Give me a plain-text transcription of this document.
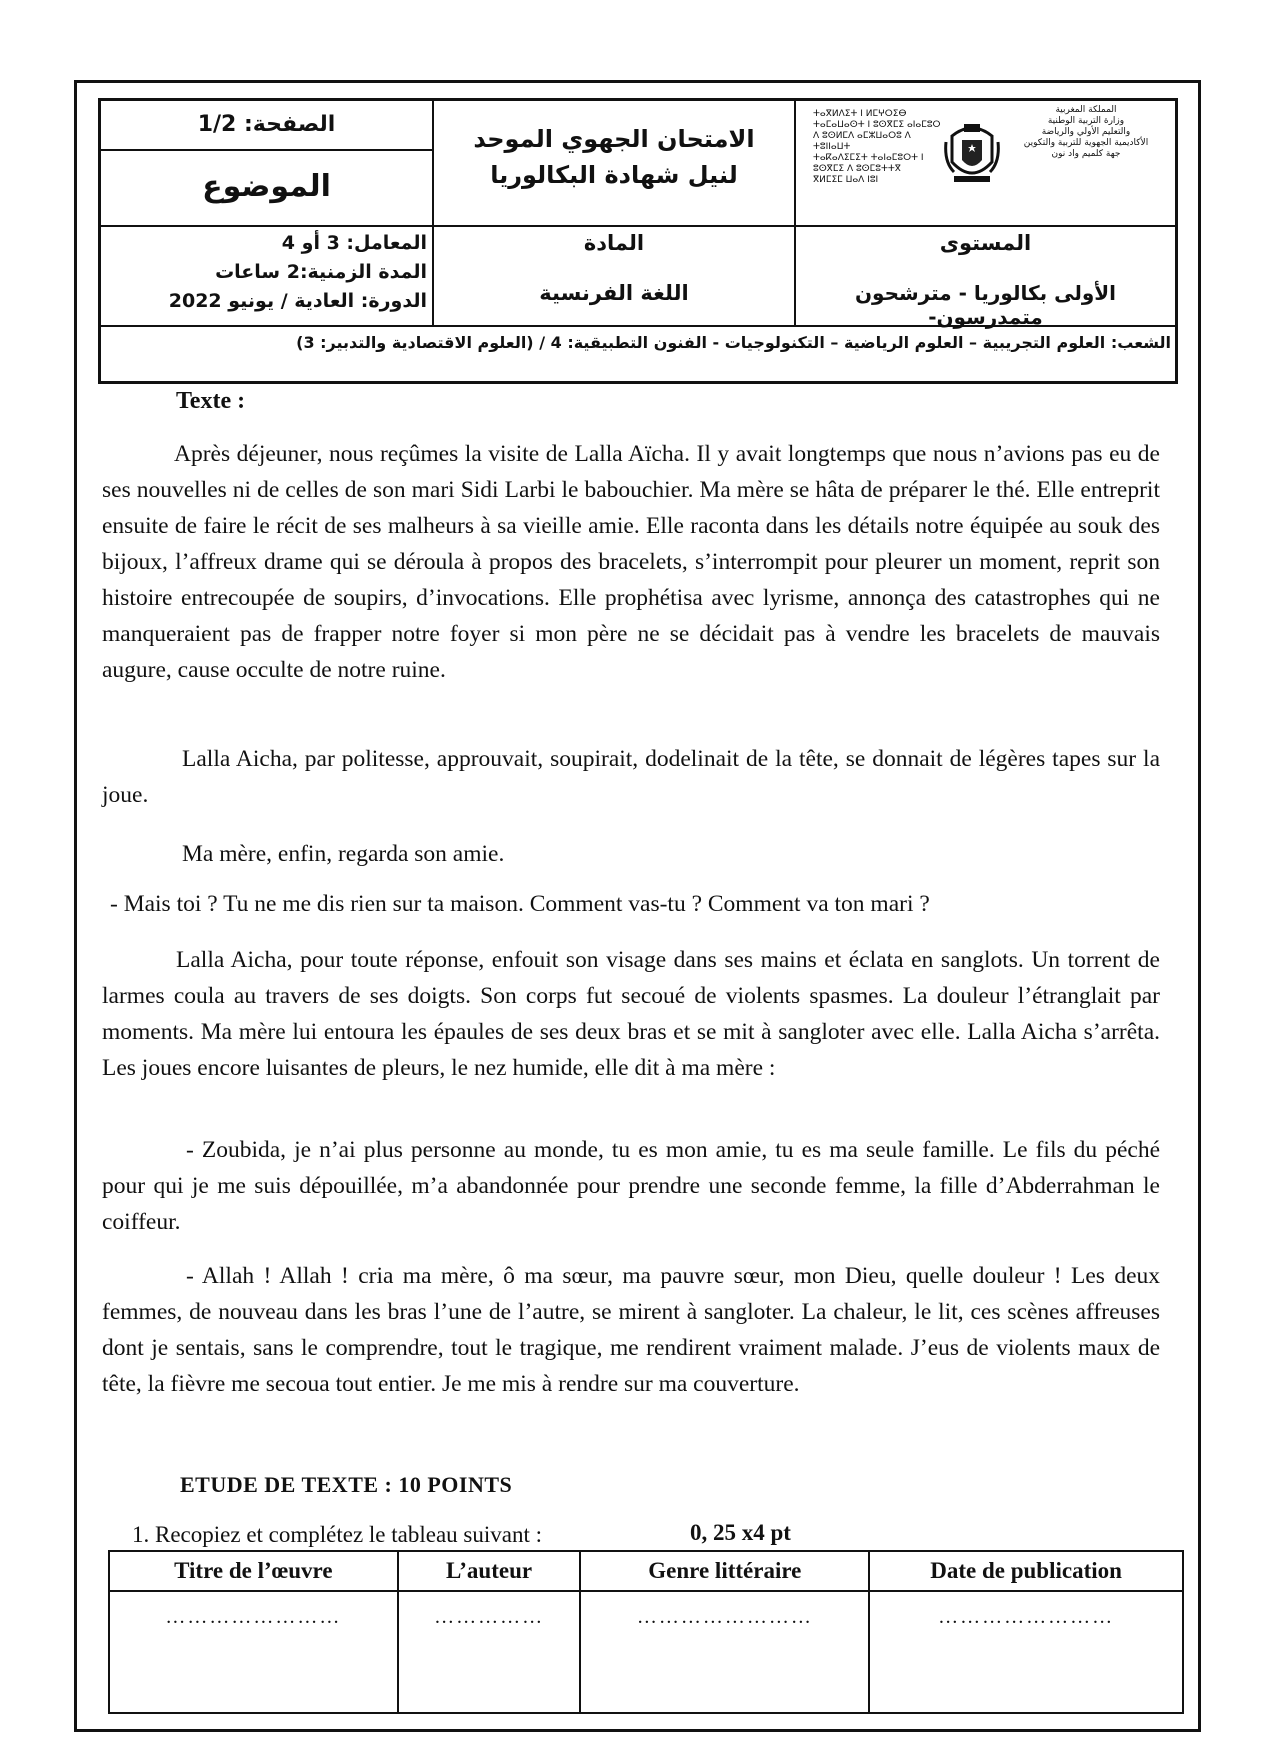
الصفحة: 1/2
الموضوع
الامتحان الجهوي الموحد
لنيل شهادة البكالوريا
ⵜⴰⴳⵍⴷⵉⵜ ⵏ ⵍⵎⵖⵔⵉⴱ
ⵜⴰⵎⴰⵡⴰⵙⵜ ⵏ ⵓⵙⴳⵎⵉ ⴰⵏⴰⵎⵓⵔ
ⴷ ⵓⵙⵍⵎⴷ ⴰⵎⵣⵡⴰⵔⵓ ⴷ ⵜⵓⵏⵏⴰⵡⵜ
ⵜⴰⴽⴰⴷⵉⵎⵉⵜ ⵜⴰⵏⴰⵎⵓⵔⵜ ⵏ ⵓⵙⴳⵎⵉ ⴷ ⵓⵙⵎⵓⵜⵜⴳ
ⴳⵍⵎⵉⵎ ⵡⴰⴷ ⵏⵓⵏ
المملكة المغربية
وزارة التربية الوطنية
والتعليم الأولي والرياضة
الأكاديمية الجهوية للتربية والتكوين
جهة كلميم واد نون
المعامل: 3 أو 4
المدة الزمنية:2 ساعات
الدورة: العادية / يونيو 2022
المادة
اللغة الفرنسية
المستوى
الأولى بكالوريا - مترشحون متمدرسون-
الشعب: العلوم التجريبية – العلوم الرياضية – التكنولوجيات - الفنون التطبيقية: 4 / (العلوم الاقتصادية والتدبير: 3)
Texte :
Après déjeuner, nous reçûmes la visite de Lalla Aïcha. Il y avait longtemps que nous n’avions pas eu de ses nouvelles ni de celles de son mari Sidi Larbi le babouchier. Ma mère se hâta de préparer le thé. Elle entreprit ensuite de faire le récit de ses malheurs à sa vieille amie. Elle raconta dans les détails notre équipée au souk des bijoux, l’affreux drame qui se déroula à propos des bracelets, s’interrompit pour pleurer un moment, reprit son histoire entrecoupée de soupirs, d’invocations. Elle prophétisa avec lyrisme, annonça des catastrophes qui ne manqueraient pas de frapper notre foyer si mon père ne se décidait pas à vendre les bracelets de mauvais augure, cause occulte de notre ruine.
Lalla Aicha, par politesse, approuvait, soupirait, dodelinait de la tête, se donnait de légères tapes sur la joue.
Ma mère, enfin, regarda son amie.
- Mais toi ? Tu ne me dis rien sur ta maison. Comment vas-tu ? Comment va ton mari ?
Lalla Aicha, pour toute réponse, enfouit son visage dans ses mains et éclata en sanglots. Un torrent de larmes coula au travers de ses doigts. Son corps fut secoué de violents spasmes. La douleur l’étranglait par moments. Ma mère lui entoura les épaules de ses deux bras et se mit à sangloter avec elle. Lalla Aicha s’arrêta. Les joues encore luisantes de pleurs, le nez humide, elle dit à ma mère :
- Zoubida, je n’ai plus personne au monde, tu es mon amie, tu es ma seule famille. Le fils du péché pour qui je me suis dépouillée, m’a abandonnée pour prendre une seconde femme, la fille d’Abderrahman le coiffeur.
- Allah ! Allah ! cria ma mère, ô ma sœur, ma pauvre sœur, mon Dieu, quelle douleur ! Les deux femmes, de nouveau dans les bras l’une de l’autre, se mirent à sangloter. La chaleur, le lit, ces scènes affreuses dont je sentais, sans le comprendre, tout le tragique, me rendirent vraiment malade. J’eus de violents maux de tête, la fièvre me secoua tout entier. Je me mis à rendre sur ma couverture.
ETUDE DE TEXTE : 10 POINTS
1. Recopiez et complétez le tableau suivant :	0, 25 x4 pt
Titre de l’œuvre	L’auteur	Genre littéraire	Date de publication
……………………	……………	……………………	……………………
